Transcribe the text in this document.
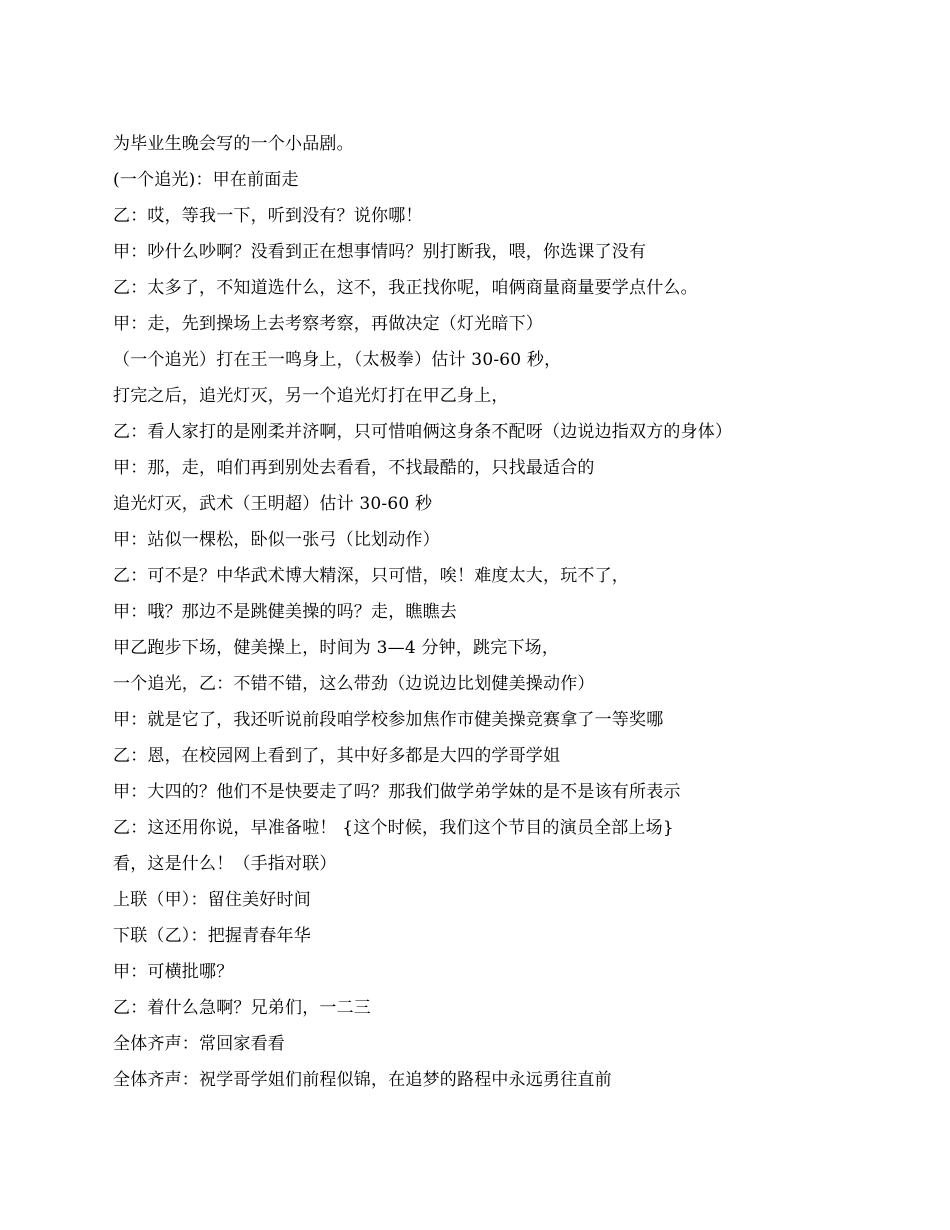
为毕业生晚会写的一个小品剧。
(一个追光)：甲在前面走
乙：哎，等我一下，听到没有？说你哪！
甲：吵什么吵啊？没看到正在想事情吗？别打断我，喂，你选课了没有
乙：太多了，不知道选什么，这不，我正找你呢，咱俩商量商量要学点什么。
甲：走，先到操场上去考察考察，再做决定（灯光暗下）
（一个追光）打在王一鸣身上，（太极拳）估计 30-60 秒，
打完之后，追光灯灭，另一个追光灯打在甲乙身上，
乙：看人家打的是刚柔并济啊，只可惜咱俩这身条不配呀（边说边指双方的身体）
甲：那，走，咱们再到别处去看看，不找最酷的，只找最适合的
追光灯灭，武术（王明超）估计 30-60 秒
甲：站似一棵松，卧似一张弓（比划动作）
乙：可不是？中华武术博大精深，只可惜，唉！难度太大，玩不了，
甲：哦？那边不是跳健美操的吗？走，瞧瞧去
甲乙跑步下场，健美操上，时间为 3—4 分钟，跳完下场，
一个追光，乙：不错不错，这么带劲（边说边比划健美操动作）
甲：就是它了，我还听说前段咱学校参加焦作市健美操竞赛拿了一等奖哪
乙：恩，在校园网上看到了，其中好多都是大四的学哥学姐
甲：大四的？他们不是快要走了吗？那我们做学弟学妹的是不是该有所表示
乙：这还用你说，早准备啦！ {这个时候，我们这个节目的演员全部上场}
看，这是什么！（手指对联）
上联（甲）：留住美好时间
下联（乙）：把握青春年华
甲：可横批哪？
乙：着什么急啊？兄弟们，一二三
全体齐声：常回家看看
全体齐声：祝学哥学姐们前程似锦，在追梦的路程中永远勇往直前
